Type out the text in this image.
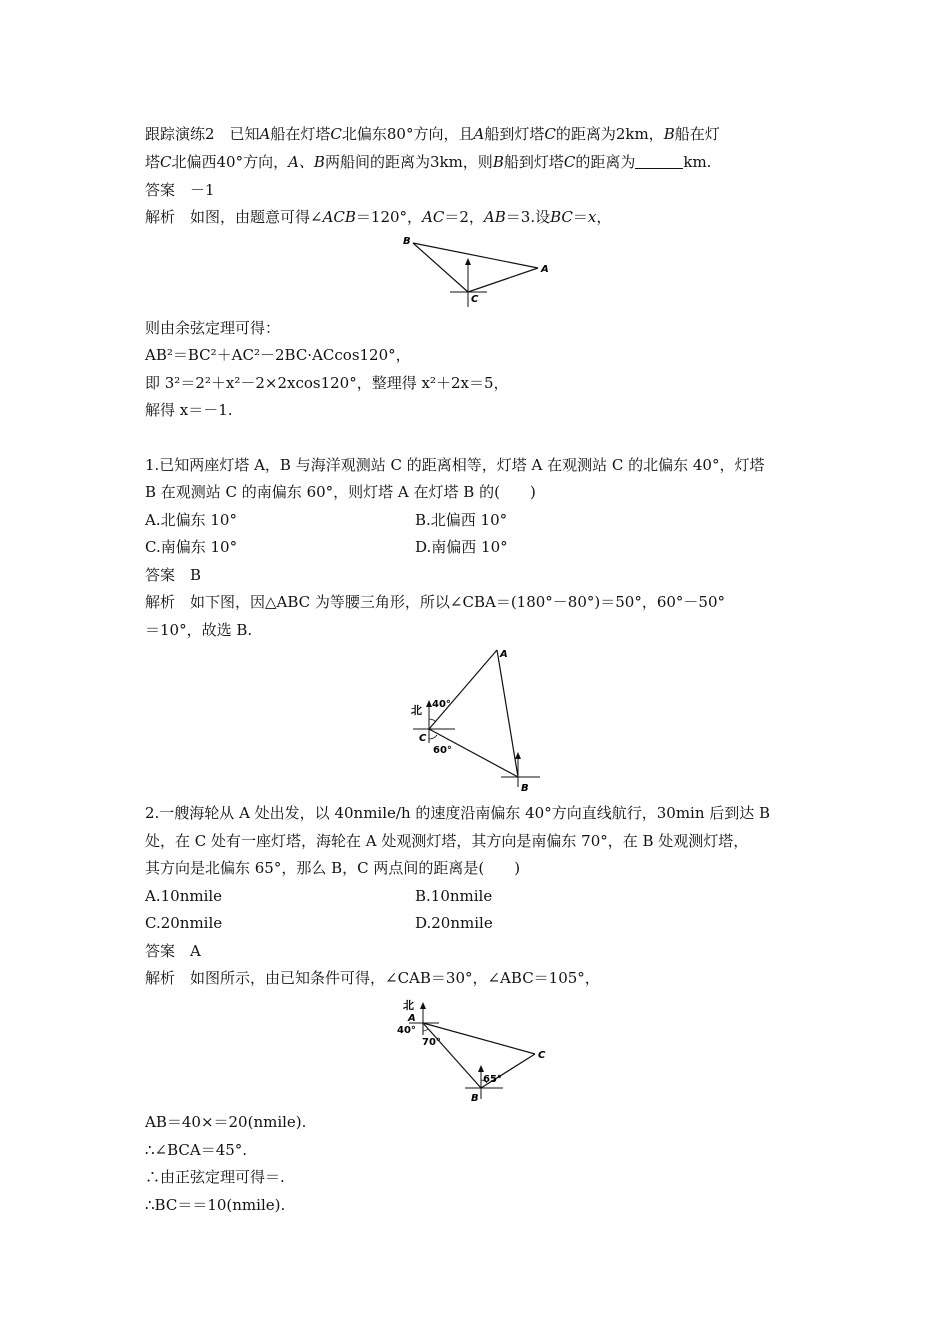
跟踪演练2　已知A船在灯塔C北偏东80°方向，且A船到灯塔C的距离为2km，B船在灯
塔C北偏西40°方向，A、B两船间的距离为3km，则B船到灯塔C的距离为	km.
答案　－1
解析　如图，由题意可得∠ACB＝120°，AC＝2，AB＝3.设BC＝x，
B
A
C
则由余弦定理可得：
AB²＝BC²＋AC²－2BC·ACcos120°，
即 3²＝2²＋x²－2×2xcos120°，整理得 x²＋2x＝5，
解得 x＝－1.
1.已知两座灯塔 A，B 与海洋观测站 C 的距离相等，灯塔 A 在观测站 C 的北偏东 40°，灯塔
B 在观测站 C 的南偏东 60°，则灯塔 A 在灯塔 B 的(　　)
A.北偏东 10°	B.北偏西 10°
C.南偏东 10°	D.南偏西 10°
答案　B
解析　如下图，因△ABC 为等腰三角形，所以∠CBA＝(180°－80°)＝50°，60°－50°
＝10°，故选 B.
A
北 40°
C
60°
B
2.一艘海轮从 A 处出发，以 40nmile/h 的速度沿南偏东 40°方向直线航行，30min 后到达 B
处，在 C 处有一座灯塔，海轮在 A 处观测灯塔，其方向是南偏东 70°，在 B 处观测灯塔，
其方向是北偏东 65°，那么 B，C 两点间的距离是(　　)
A.10nmile	B.10nmile
C.20nmile	D.20nmile
答案　A
解析　如图所示，由已知条件可得，∠CAB＝30°，∠ABC＝105°，
北
A
40°
70°
C
65°
B
AB＝40×＝20(nmile).
∴∠BCA＝45°.
∴由正弦定理可得＝.
∴BC＝＝10(nmile).
